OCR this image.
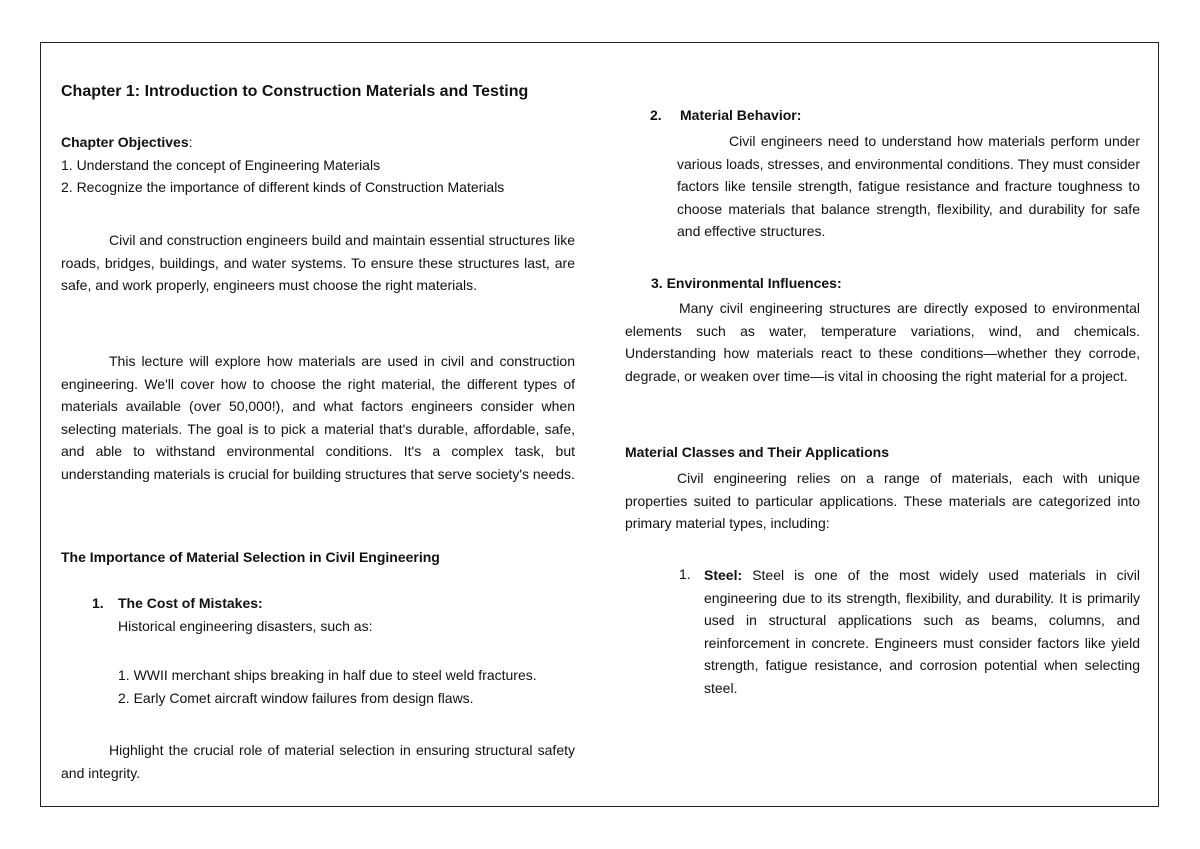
Chapter 1: Introduction to Construction Materials and Testing
Chapter Objectives:
1. Understand the concept of Engineering Materials
2. Recognize the importance of different kinds of Construction Materials
Civil and construction engineers build and maintain essential structures like roads, bridges, buildings, and water systems. To ensure these structures last, are safe, and work properly, engineers must choose the right materials.
This lecture will explore how materials are used in civil and construction engineering. We'll cover how to choose the right material, the different types of materials available (over 50,000!), and what factors engineers consider when selecting materials. The goal is to pick a material that's durable, affordable, safe, and able to withstand environmental conditions. It's a complex task, but understanding materials is crucial for building structures that serve society's needs.
The Importance of Material Selection in Civil Engineering
1. The Cost of Mistakes:
Historical engineering disasters, such as:
1. WWII merchant ships breaking in half due to steel weld fractures.
2. Early Comet aircraft window failures from design flaws.
Highlight the crucial role of material selection in ensuring structural safety and integrity.
2. Material Behavior:
Civil engineers need to understand how materials perform under various loads, stresses, and environmental conditions. They must consider factors like tensile strength, fatigue resistance and fracture toughness to choose materials that balance strength, flexibility, and durability for safe and effective structures.
3. Environmental Influences:
Many civil engineering structures are directly exposed to environmental elements such as water, temperature variations, wind, and chemicals. Understanding how materials react to these conditions—whether they corrode, degrade, or weaken over time—is vital in choosing the right material for a project.
Material Classes and Their Applications
Civil engineering relies on a range of materials, each with unique properties suited to particular applications. These materials are categorized into primary material types, including:
1. Steel: Steel is one of the most widely used materials in civil engineering due to its strength, flexibility, and durability. It is primarily used in structural applications such as beams, columns, and reinforcement in concrete. Engineers must consider factors like yield strength, fatigue resistance, and corrosion potential when selecting steel.
